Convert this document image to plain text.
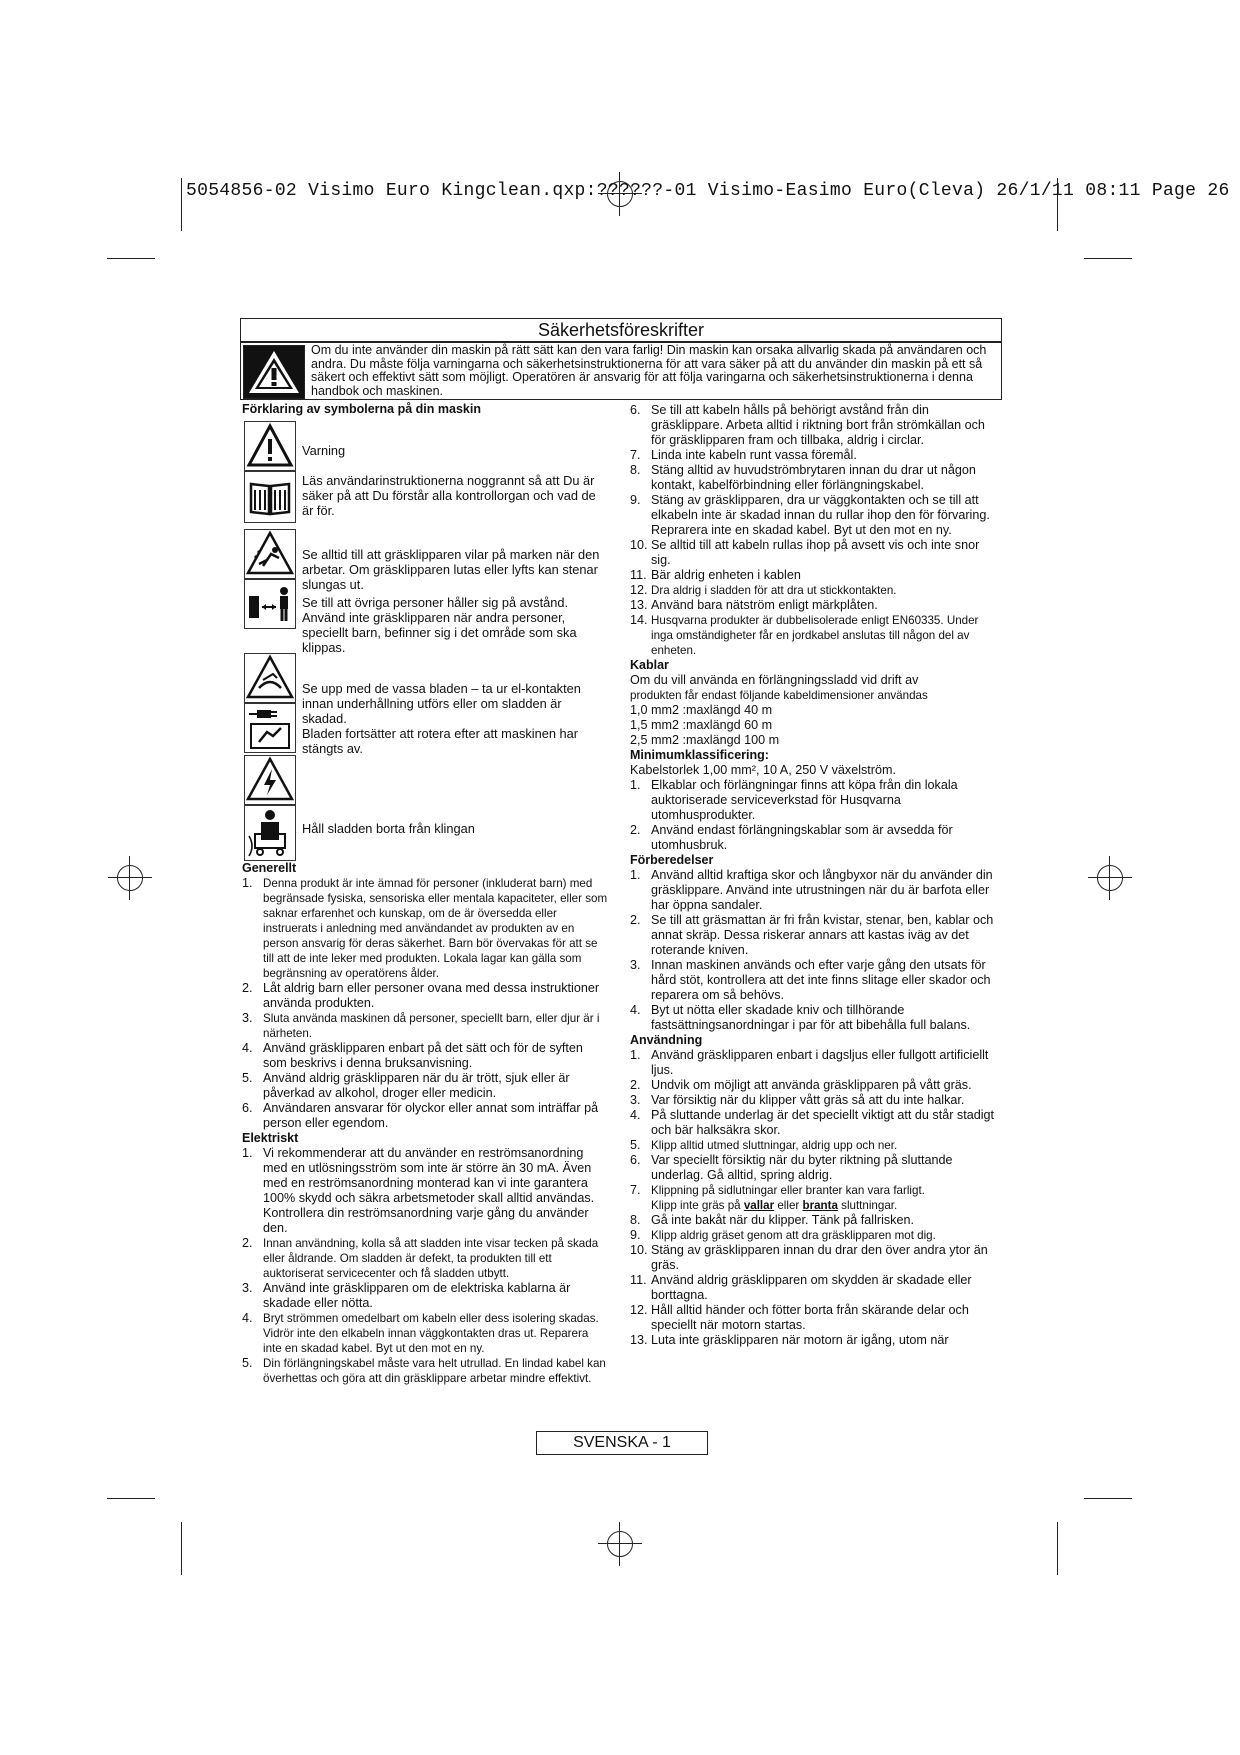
5054856-02 Visimo Euro Kingclean.qxp:??????-01 Visimo-Easimo Euro(Cleva) 26/1/11 08:11 Page 26
Säkerhetsföreskrifter
Om du inte använder din maskin på rätt sätt kan den vara farlig! Din maskin kan orsaka allvarlig skada på användaren och andra. Du måste följa varningarna och säkerhetsinstruktionerna för att vara säker på att du använder din maskin på ett så säkert och effektivt sätt som möjligt. Operatören är ansvarig för att följa varingarna och säkerhetsinstruktionerna i denna handbok och maskinen.
Förklaring av symbolerna på din maskin
Varning
Läs användarinstruktionerna noggrannt så att Du är säker på att Du förstår alla kontrollorgan och vad de är för.
Se alltid till att gräsklipparen vilar på marken när den arbetar. Om gräsklipparen lutas eller lyfts kan stenar slungas ut.
Se till att övriga personer håller sig på avstånd. Använd inte gräsklipparen när andra personer, speciellt barn, befinner sig i det område som ska klippas.
Se upp med de vassa bladen – ta ur el-kontakten innan underhållning utförs eller om sladden är skadad.
Bladen fortsätter att rotera efter att maskinen har stängts av.
Håll sladden borta från klingan
Generellt
1. Denna produkt är inte ämnad för personer (inkluderat barn) med begränsade fysiska, sensoriska eller mentala kapaciteter, eller som saknar erfarenhet och kunskap, om de är översedda eller instruerats i anledning med användandet av produkten av en person ansvarig för deras säkerhet. Barn bör övervakas för att se till att de inte leker med produkten. Lokala lagar kan gälla som begränsning av operatörens ålder.
2. Låt aldrig barn eller personer ovana med dessa instruktioner använda produkten.
3. Sluta använda maskinen då personer, speciellt barn, eller djur är i närheten.
4. Använd gräsklipparen enbart på det sätt och för de syften som beskrivs i denna bruksanvisning.
5. Använd aldrig gräsklipparen när du är trött, sjuk eller är påverkad av alkohol, droger eller medicin.
6. Användaren ansvarar för olyckor eller annat som inträffar på person eller egendom.
Elektriskt
1. Vi rekommenderar att du använder en reströmsanordning med en utlösningsström som inte är större än 30 mA. Även med en reströmsanordning monterad kan vi inte garantera 100% skydd och säkra arbetsmetoder skall alltid användas. Kontrollera din reströmsanordning varje gång du använder den.
2. Innan användning, kolla så att sladden inte visar tecken på skada eller åldrande. Om sladden är defekt, ta produkten till ett auktoriserat servicecenter och få sladden utbytt.
3. Använd inte gräsklipparen om de elektriska kablarna är skadade eller nötta.
4. Bryt strömmen omedelbart om kabeln eller dess isolering skadas. Vidrör inte den elkabeln innan väggkontakten dras ut. Reparera inte en skadad kabel. Byt ut den mot en ny.
5. Din förlängningskabel måste vara helt utrullad. En lindad kabel kan överhettas och göra att din gräsklippare arbetar mindre effektivt.
6. Se till att kabeln hålls på behörigt avstånd från din gräsklippare. Arbeta alltid i riktning bort från strömkällan och för gräsklipparen fram och tillbaka, aldrig i circlar.
7. Linda inte kabeln runt vassa föremål.
8. Stäng alltid av huvudströmbrytaren innan du drar ut någon kontakt, kabelförbindning eller förlängningskabel.
9. Stäng av gräsklipparen, dra ur väggkontakten och se till att elkabeln inte är skadad innan du rullar ihop den för förvaring. Reprarera inte en skadad kabel. Byt ut den mot en ny.
10. Se alltid till att kabeln rullas ihop på avsett vis och inte snor sig.
11. Bär aldrig enheten i kablen
12. Dra aldrig i sladden för att dra ut stickkontakten.
13. Använd bara nätström enligt märkplåten.
14. Husqvarna produkter är dubbelisolerade enligt EN60335. Under inga omständigheter får en jordkabel anslutas till någon del av enheten.
Kablar
Om du vill använda en förlängningssladd vid drift av
produkten får endast följande kabeldimensioner användas
1,0 mm2 :maxlängd 40 m
1,5 mm2 :maxlängd 60 m
2,5 mm2 :maxlängd 100 m
Minimumklassificering:
Kabelstorlek 1,00 mm², 10 A, 250 V växelström.
1. Elkablar och förlängningar finns att köpa från din lokala auktoriserade serviceverkstad för Husqvarna utomhusprodukter.
2. Använd endast förlängningskablar som är avsedda för utomhusbruk.
Förberedelser
1. Använd alltid kraftiga skor och långbyxor när du använder din gräsklippare. Använd inte utrustningen när du är barfota eller har öppna sandaler.
2. Se till att gräsmattan är fri från kvistar, stenar, ben, kablar och annat skräp. Dessa riskerar annars att kastas iväg av det roterande kniven.
3. Innan maskinen används och efter varje gång den utsats för hård stöt, kontrollera att det inte finns slitage eller skador och reparera om så behövs.
4. Byt ut nötta eller skadade kniv och tillhörande fastsättningsanordningar i par för att bibehålla full balans.
Användning
1. Använd gräsklipparen enbart i dagsljus eller fullgott artificiellt ljus.
2. Undvik om möjligt att använda gräsklipparen på vått gräs.
3. Var försiktig när du klipper vått gräs så att du inte halkar.
4. På sluttande underlag är det speciellt viktigt att du står stadigt och bär halksäkra skor.
5. Klipp alltid utmed sluttningar, aldrig upp och ner.
6. Var speciellt försiktig när du byter riktning på sluttande underlag. Gå alltid, spring aldrig.
7. Klippning på sidlutningar eller branter kan vara farligt.
Klipp inte gräs på vallar eller branta sluttningar.
8. Gå inte bakåt när du klipper. Tänk på fallrisken.
9. Klipp aldrig gräset genom att dra gräsklipparen mot dig.
10. Stäng av gräsklipparen innan du drar den över andra ytor än gräs.
11. Använd aldrig gräsklipparen om skydden är skadade eller borttagna.
12. Håll alltid händer och fötter borta från skärande delar och speciellt när motorn startas.
13. Luta inte gräsklipparen när motorn är igång, utom när
SVENSKA - 1
